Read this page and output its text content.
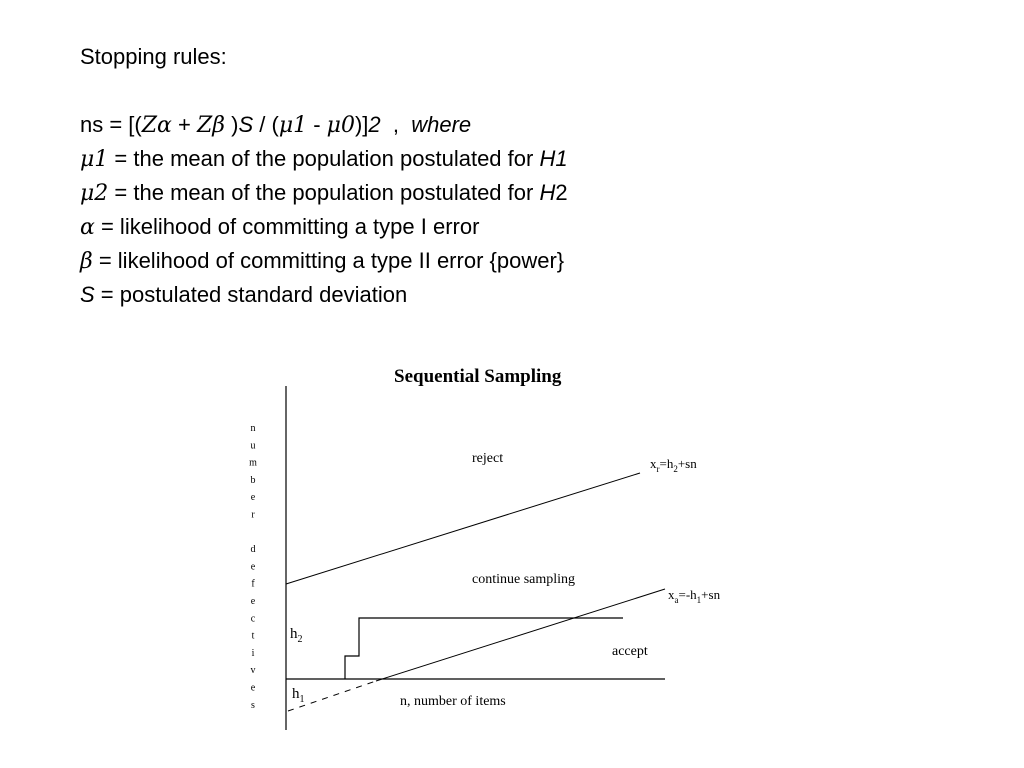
Stopping rules:
ns = [(Zα + Zβ )S / (μ1 - μ0)]2  ,  where
μ1 = the mean of the population postulated for H1
μ2 = the mean of the population postulated for H2
α = likelihood of committing a type I error
β = likelihood of committing a type II error {power}
S = postulated standard deviation
Sequential Sampling
n
u
m
b
e
r
d
e
f
e
c
t
i
v
e
s
reject
continue sampling
accept
$x_r=h_2+sn$
$x_a=-h_1+sn$
$h_2$
$h_1$	n, number of items
